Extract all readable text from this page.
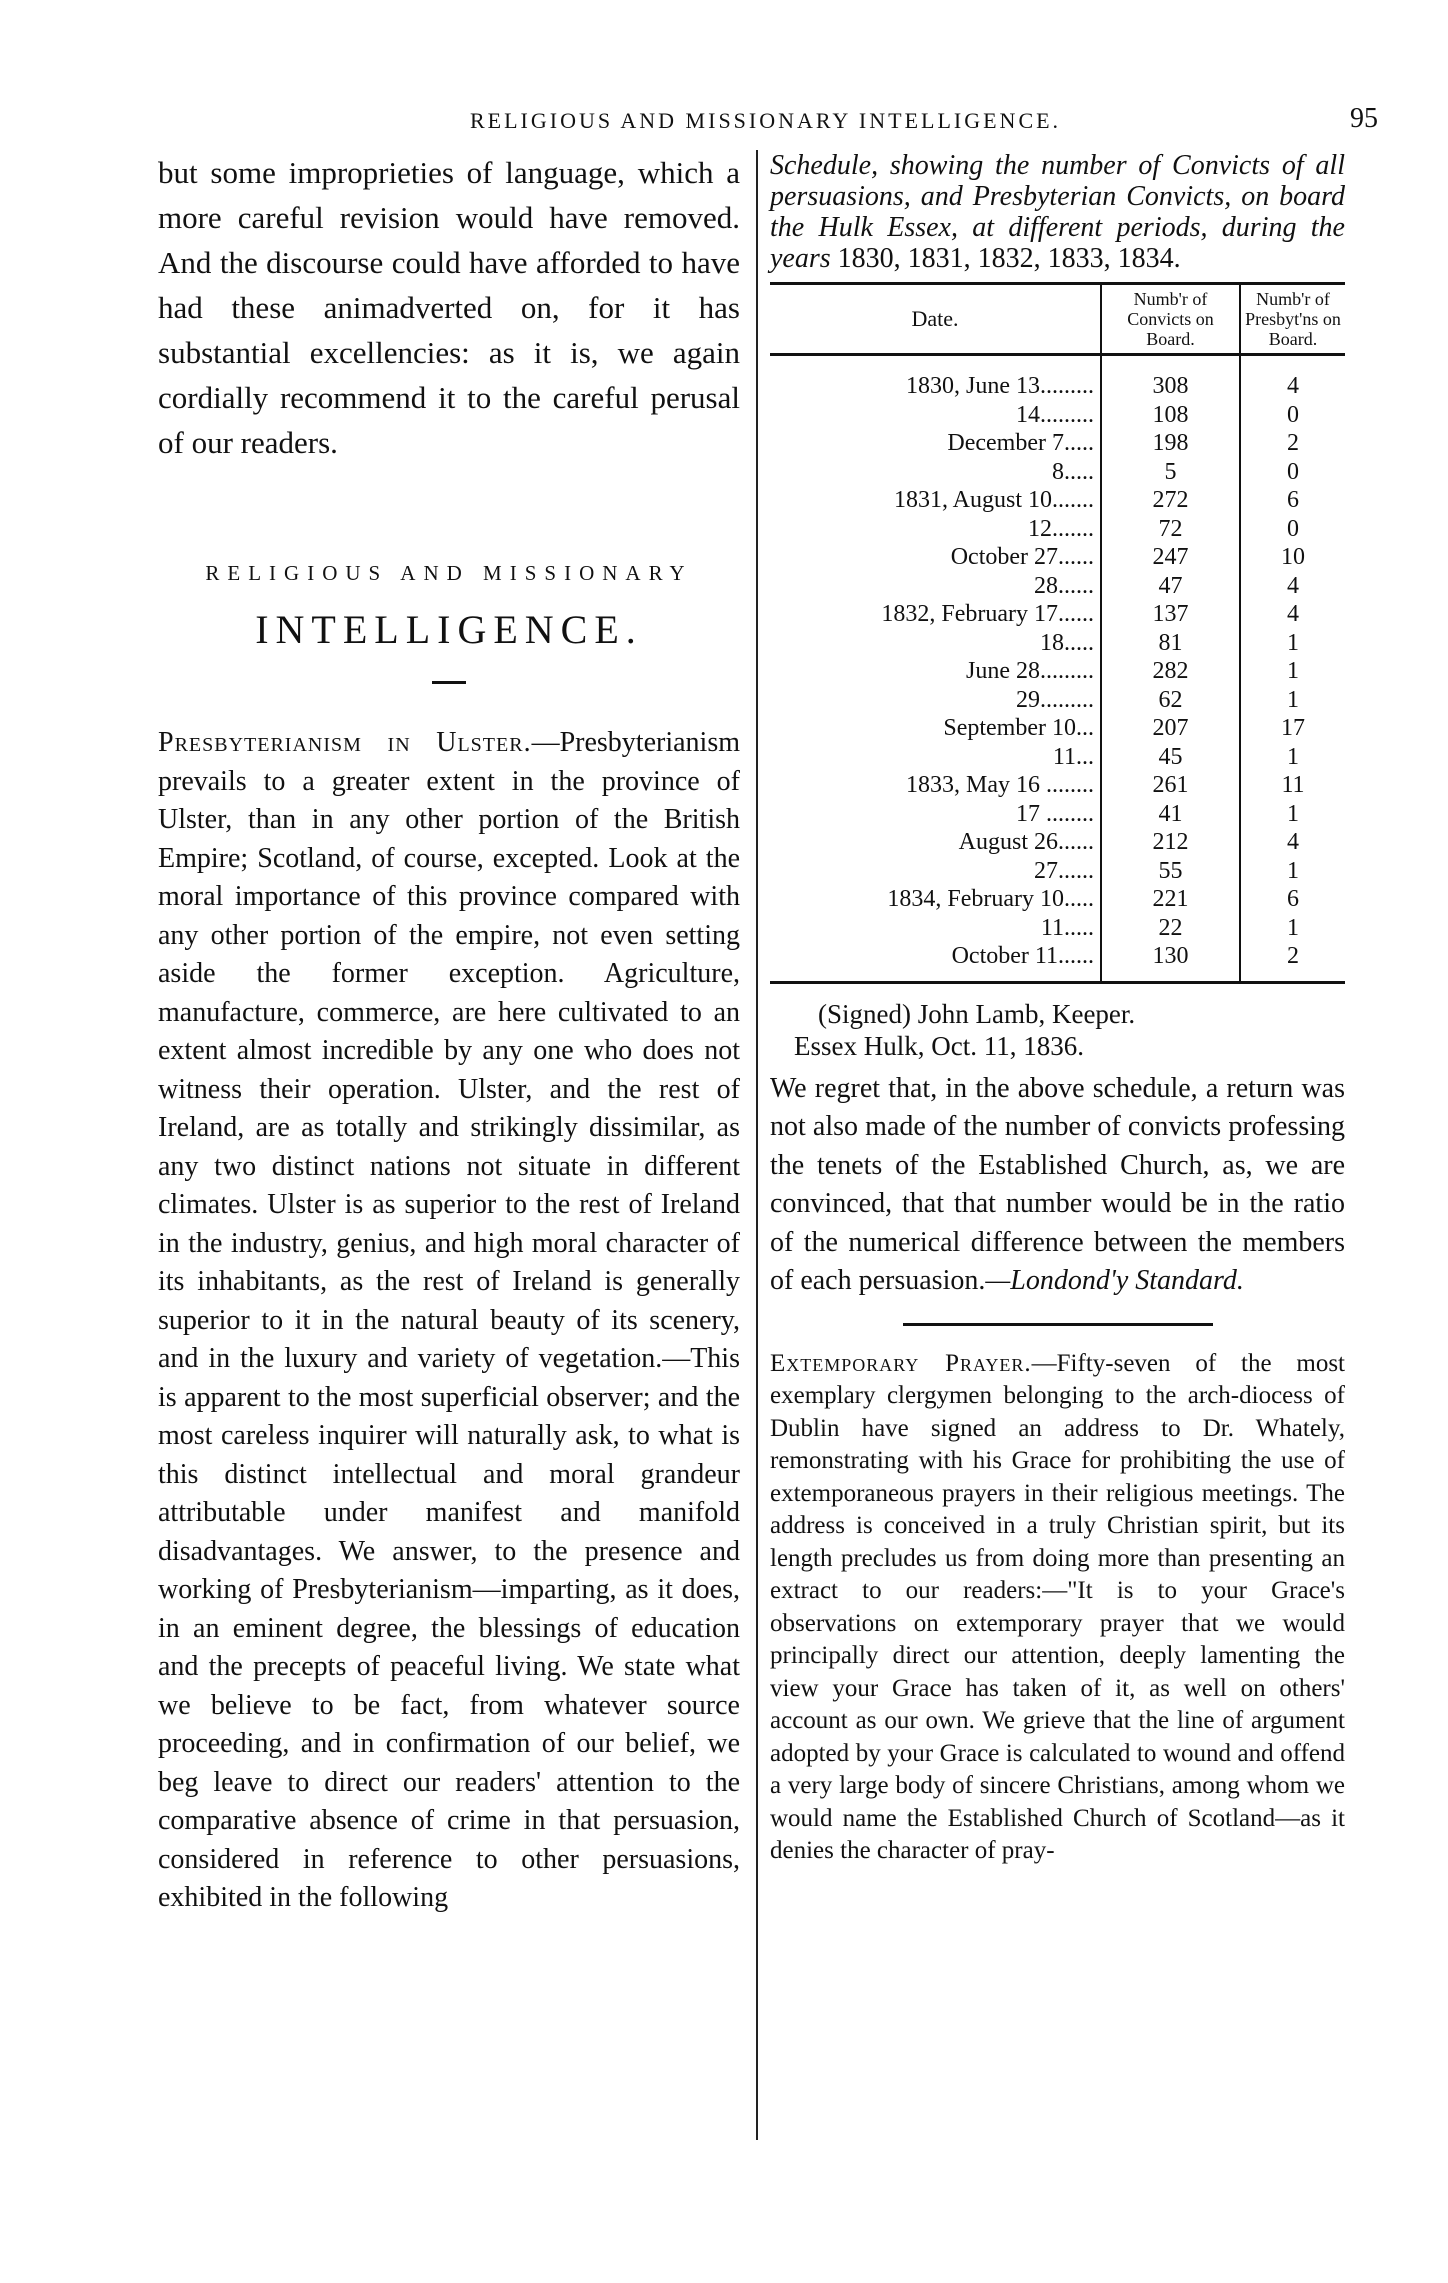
RELIGIOUS AND MISSIONARY INTELLIGENCE.	95

but some improprieties of language, which a more careful revision would have removed. And the discourse could have afforded to have had these animadverted on, for it has substantial excellencies: as it is, we again cordially recommend it to the careful perusal of our readers.

RELIGIOUS AND MISSIONARY
INTELLIGENCE.

Presbyterianism in Ulster.—Presbyterianism prevails to a greater extent in the province of Ulster, than in any other portion of the British Empire; Scotland, of course, excepted. Look at the moral importance of this province compared with any other portion of the empire, not even setting aside the former exception. Agriculture, manufacture, commerce, are here cultivated to an extent almost incredible by any one who does not witness their operation. Ulster, and the rest of Ireland, are as totally and strikingly dissimilar, as any two distinct nations not situate in different climates. Ulster is as superior to the rest of Ireland in the industry, genius, and high moral character of its inhabitants, as the rest of Ireland is generally superior to it in the natural beauty of its scenery, and in the luxury and variety of vegetation.—This is apparent to the most superficial observer; and the most careless inquirer will naturally ask, to what is this distinct intellectual and moral grandeur attributable under manifest and manifold disadvantages. We answer, to the presence and working of Presbyterianism—imparting, as it does, in an eminent degree, the blessings of education and the precepts of peaceful living. We state what we believe to be fact, from whatever source proceeding, and in confirmation of our belief, we beg leave to direct our readers' attention to the comparative absence of crime in that persuasion, considered in reference to other persuasions, exhibited in the following

Schedule, showing the number of Convicts of all persuasions, and Presbyterian Convicts, on board the Hulk Essex, at different periods, during the years 1830, 1831, 1832, 1833, 1834.

Date.	Numb'r of Convicts on Board.	Numb'r of Presbyt'ns on Board.
1830, June 13.........	308	4
14.........	108	0
December 7.....	198	2
8.....	5	0
1831, August 10.......	272	6
12.......	72	0
October 27......	247	10
28......	47	4
1832, February 17......	137	4
18.....	81	1
June 28.........	282	1
29.........	62	1
September 10...	207	17
11...	45	1
1833, May 16 ........	261	11
17 ........	41	1
August 26......	212	4
27......	55	1
1834, February 10.....	221	6
11.....	22	1
October 11......	130	2
(Signed) John Lamb, Keeper.
Essex Hulk, Oct. 11, 1836.

We regret that, in the above schedule, a return was not also made of the number of convicts professing the tenets of the Established Church, as, we are convinced, that that number would be in the ratio of the numerical difference between the members of each persuasion.—Londond'y Standard.

Extemporary Prayer.—Fifty-seven of the most exemplary clergymen belonging to the arch-diocess of Dublin have signed an address to Dr. Whately, remonstrating with his Grace for prohibiting the use of extemporaneous prayers in their religious meetings. The address is conceived in a truly Christian spirit, but its length precludes us from doing more than presenting an extract to our readers:—"It is to your Grace's observations on extemporary prayer that we would principally direct our attention, deeply lamenting the view your Grace has taken of it, as well on others' account as our own. We grieve that the line of argument adopted by your Grace is calculated to wound and offend a very large body of sincere Christians, among whom we would name the Established Church of Scotland—as it denies the character of pray-
